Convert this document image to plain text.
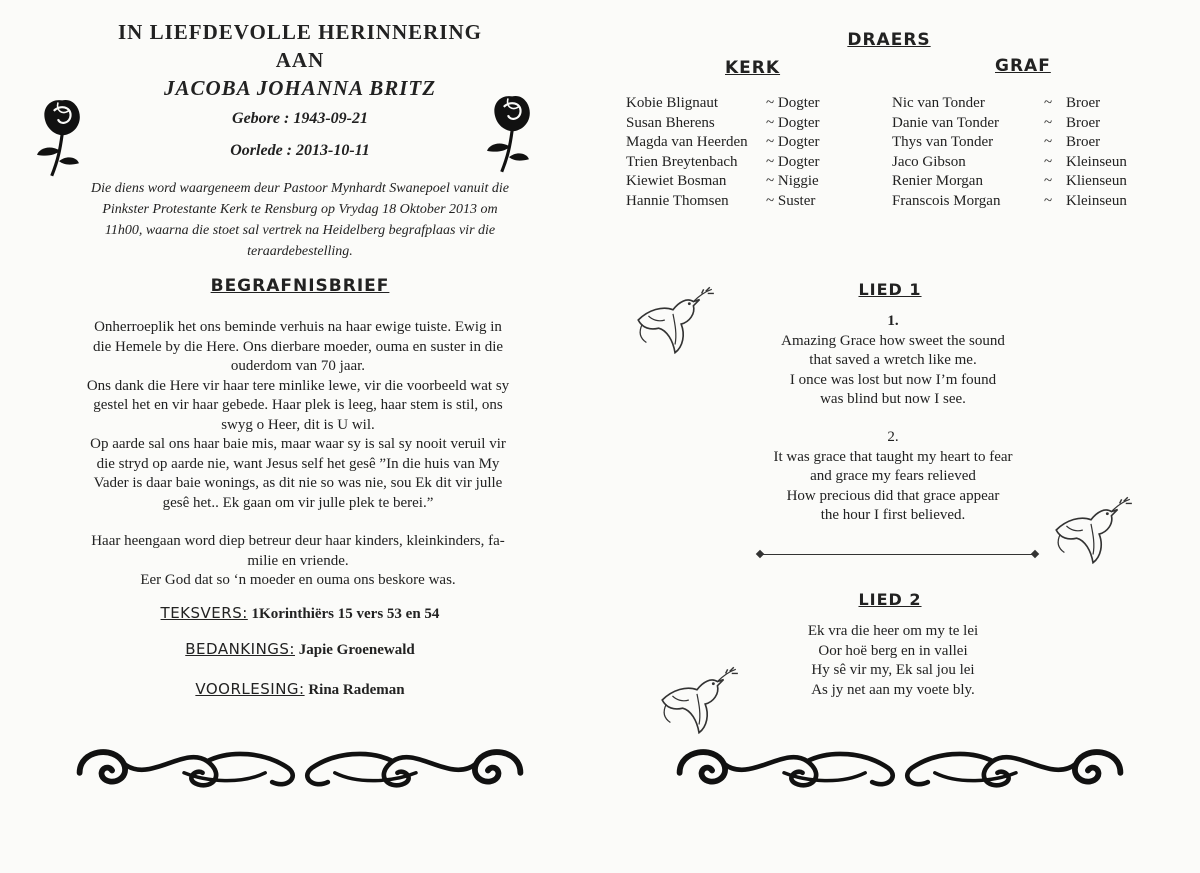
IN LIEFDEVOLLE HERINNERING
AAN
JACOBA JOHANNA BRITZ
Gebore : 1943-09-21
Oorlede : 2013-10-11
Die diens word waargeneem deur Pastoor Mynhardt Swanepoel vanuit die
Pinkster Protestante Kerk te Rensburg op Vrydag 18 Oktober 2013 om
11h00, waarna die stoet sal vertrek na Heidelberg begrafplaas vir die
teraardebestelling.
BEGRAFNISBRIEF

Onherroeplik het ons beminde verhuis na haar ewige tuiste. Ewig in

die Hemele by die Here. Ons dierbare moeder, ouma en suster in die

ouderdom van 70 jaar.

Ons dank die Here vir haar tere minlike lewe, vir die voorbeeld wat sy

gestel het en vir haar gebede. Haar plek is leeg, haar stem is stil, ons

swyg o Heer, dit is U wil.

Op aarde sal ons haar baie mis, maar waar sy is sal sy nooit veruil vir

die stryd op aarde nie, want Jesus self het gesê ”In die huis van My

Vader is daar baie wonings, as dit nie so was nie, sou Ek dit vir julle

gesê het.. Ek gaan om vir julle plek te berei.”

Haar heengaan word diep betreur deur haar kinders, kleinkinders, fa-

milie en vriende.

Eer God dat so ‘n moeder en ouma ons beskore was.

TEKSVERS: 1Korinthiërs 15 vers 53 en 54
BEDANKINGS: Japie Groenewald
VOORLESING: Rina Rademan
DRAERS
KERK	GRAF
Kobie Blignaut
Susan Bherens
Magda van Heerden
Trien Breytenbach
Kiewiet Bosman
Hannie Thomsen
~ Dogter
~ Dogter
~ Dogter
~ Dogter
~ Niggie
~ Suster
Nic van Tonder
Danie van Tonder
Thys van Tonder
Jaco Gibson
Renier Morgan
Franscois Morgan
~
~
~
~
~
~
Broer
Broer
Broer
Kleinseun
Klienseun
Kleinseun
LIED 1
1.
Amazing Grace how sweet the sound
that saved a wretch like me.
I once was lost but now I’m found
was blind but now I see.
2.
It was grace that taught my heart to fear
and grace my fears relieved
How precious did that grace appear
the hour I first believed.
LIED 2
Ek vra die heer om my te lei
Oor hoë berg en in vallei
Hy sê vir my, Ek sal jou lei
As jy net aan my voete bly.
